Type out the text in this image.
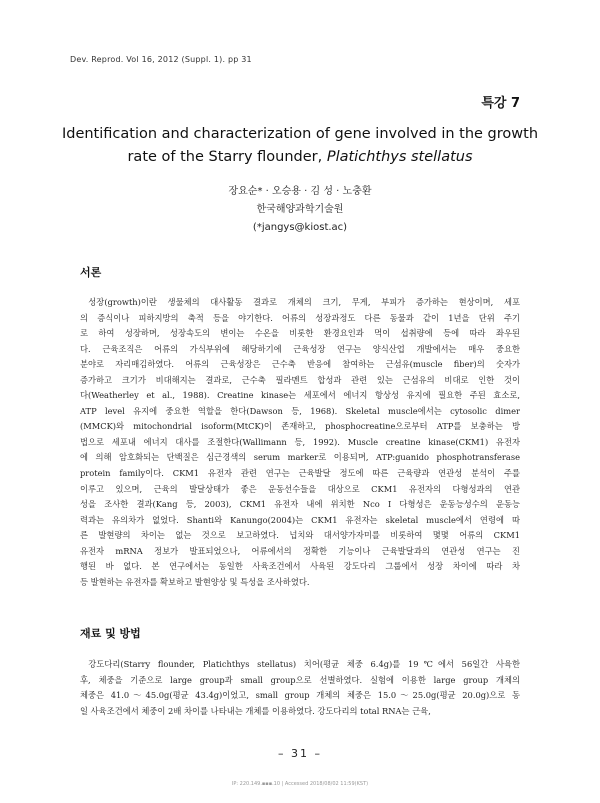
Dev. Reprod. Vol 16, 2012 (Suppl. 1). pp 31
특강 7
Identification and characterization of gene involved in the growth
rate of the Starry flounder, Platichthys stellatus
장요순* · 오승용 · 김 성 · 노충환
한국해양과학기술원
(*jangys@kiost.ac)
서론
성장(growth)이란 생물체의 대사활동 결과로 개체의 크기, 무게, 부피가 증가하는 현상이며, 세포
의 증식이나 피하지방의 축적 등을 야기한다. 어류의 성장과정도 다른 동물과 같이 1년을 단위 주기
로 하여 성장하며, 성장속도의 변이는 수온을 비롯한 환경요인과 먹이 섭취량에 등에 따라 좌우된
다. 근육조직은 어류의 가식부위에 해당하기에 근육성장 연구는 양식산업 개발에서는 매우 중요한
분야로 자리매김하였다. 어류의 근육성장은 근수축 반응에 참여하는 근섬유(muscle fiber)의 숫자가
증가하고 크기가 비대해지는 결과로, 근수축 필라멘트 합성과 관련 있는 근섬유의 비대로 인한 것이
다(Weatherley et al., 1988). Creatine kinase는 세포에서 에너지 항상성 유지에 필요한 주된 효소로,
ATP level 유지에 중요한 역할을 한다(Dawson 등, 1968). Skeletal muscle에서는 cytosolic dimer
(MMCK)와 mitochondrial isoform(MtCK)이 존재하고, phosphocreatine으로부터 ATP를 보충하는 방
법으로 세포내 에너지 대사를 조절한다(Wallimann 등, 1992). Muscle creatine kinase(CKM1) 유전자
에 의해 암호화되는 단백질은 심근경색의 serum marker로 이용되며, ATP:guanido phosphotransferase
protein family이다. CKM1 유전자 관련 연구는 근육발달 정도에 따른 근육량과 연관성 분석이 주를
이루고 있으며, 근육의 발달상태가 좋은 운동선수들을 대상으로 CKM1 유전자의 다형성과의 연관
성을 조사한 결과(Kang 등, 2003), CKM1 유전자 내에 위치한 Nco I 다형성은 운동능성수의 운동능
력과는 유의차가 없었다. Shanti와 Kanungo(2004)는 CKM1 유전자는 skeletal muscle에서 연령에 따
른 발현량의 차이는 없는 것으로 보고하였다. 넙치와 대서양가자미를 비롯하여 몇몇 어류의 CKM1
유전자 mRNA 정보가 발표되었으나, 어류에서의 정확한 기능이나 근육발달과의 연관성 연구는 진
행된 바 없다. 본 연구에서는 동일한 사육조건에서 사육된 강도다리 그룹에서 성장 차이에 따라 차
등 발현하는 유전자를 확보하고 발현양상 및 특성을 조사하였다.
재료 및 방법
강도다리(Starry flounder, Platichthys stellatus) 치어(평균 체중 6.4g)를 19℃에서 56일간 사육한
후, 체중을 기준으로 large group과 small group으로 선별하였다. 실험에 이용한 large group 개체의
체중은 41.0～45.0g(평균 43.4g)이었고, small group 개체의 체중은 15.0～25.0g(평균 20.0g)으로 동
일 사육조건에서 체중이 2배 차이를 나타내는 개체를 이용하였다. 강도다리의 total RNA는 근육,
– 31 –
IP: 220.149.▪▪▪.10 | Accessed 2018/08/02 11:59(KST)
